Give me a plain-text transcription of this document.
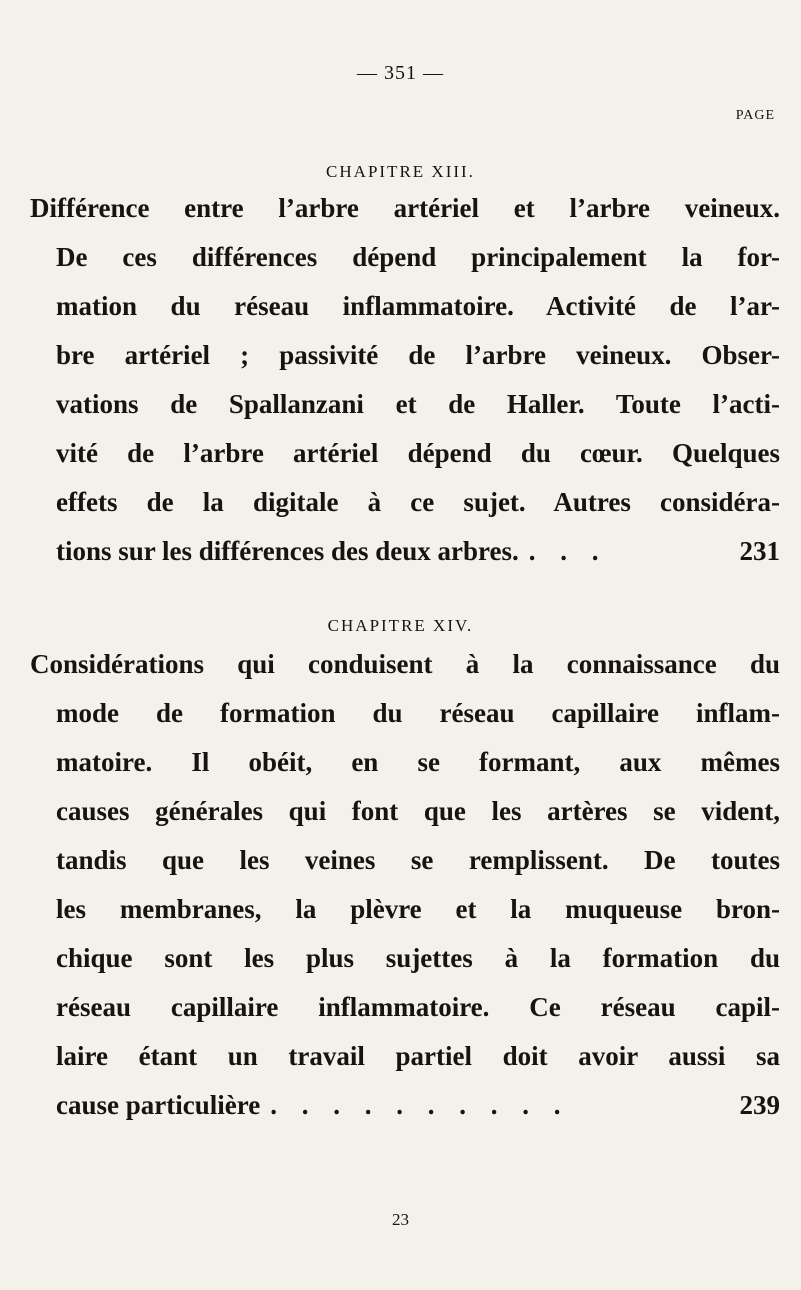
— 351 —
PAGE
CHAPITRE XIII.
Différence entre l’arbre artériel et l’arbre veineux.
De ces différences dépend principalement la for-
mation du réseau inflammatoire. Activité de l’ar-
bre artériel ; passivité de l’arbre veineux. Obser-
vations de Spallanzani et de Haller. Toute l’acti-
vité de l’arbre artériel dépend du cœur. Quelques
effets de la digitale à ce sujet. Autres considéra-
tions sur les différences des deux arbres. . . .	231
CHAPITRE XIV.
Considérations qui conduisent à la connaissance du
mode de formation du réseau capillaire inflam-
matoire. Il obéit, en se formant, aux mêmes
causes générales qui font que les artères se vident,
tandis que les veines se remplissent. De toutes
les membranes, la plèvre et la muqueuse bron-
chique sont les plus sujettes à la formation du
réseau capillaire inflammatoire. Ce réseau capil-
laire étant un travail partiel doit avoir aussi sa
cause particulière . . . . . . . . . .	239
23
